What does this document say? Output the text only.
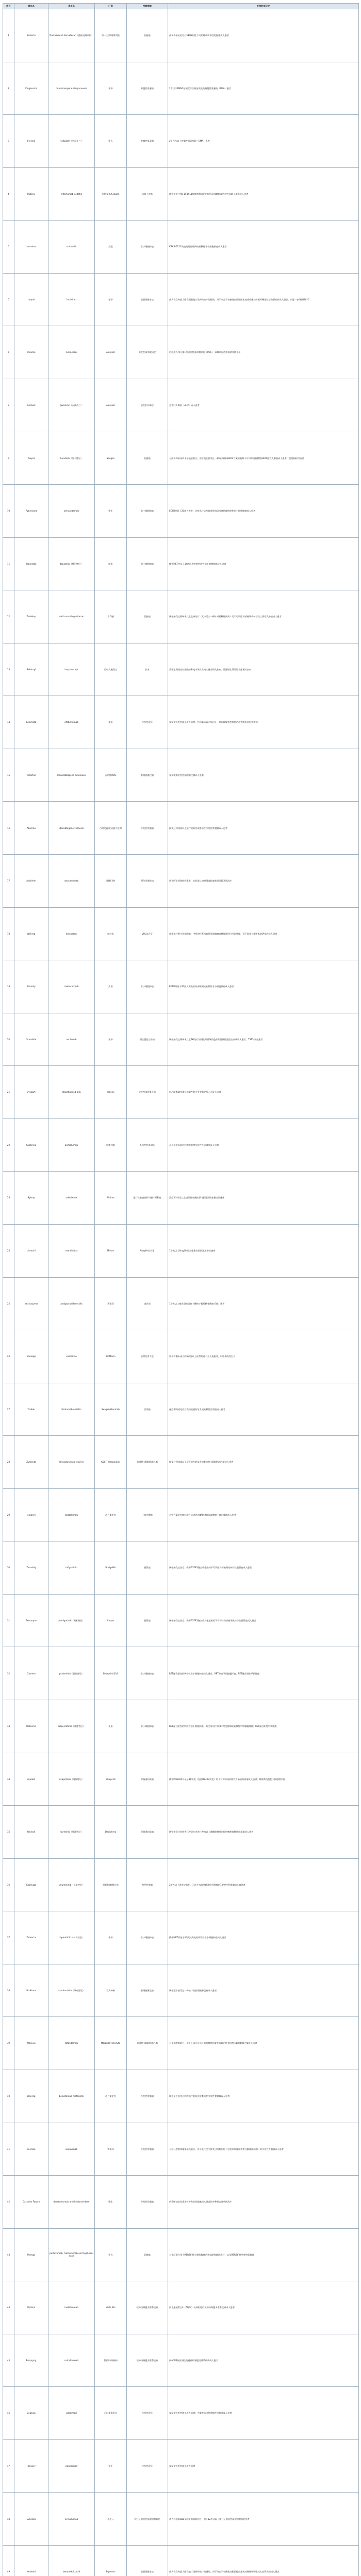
序号	商品名	通用名	厂商	疾病领域	批准的适应症
1	Enhertu	Trastuzumab deruxtecan（德曲妥珠单抗）	第一三共/阿斯利康	乳腺癌	曲妥珠单抗治疗后HER2阳性不可切除或转移性乳腺癌成人患者
2	Zolgensma	onasemnogene abeparvovec	诺华	脊髓性肌萎缩	2岁以下SMN1基因双等位基因突变的脊髓性肌萎缩（SMA）患者
3	Evrysdi	risdiplam（利司扑兰）	罗氏	脊髓性肌萎缩	2个月及以上脊髓性肌萎缩症（SMA）患者
4	Padcev	enfortumab vedotin	安斯泰来/Seagen	尿路上皮癌	既往接受过PD-1/PD-L1抑制剂和含铂化疗的局部晚期或转移性尿路上皮癌成人患者
5	Lumakras	sotorasib	安进	非小细胞肺癌	KRAS G12C突变的局部晚期或转移性非小细胞肺癌成人患者
6	Leqvio	inclisiran	诺华	高胆固醇血症	作为饮食和最大耐受剂量他汀类药物治疗的辅助，用于杂合子家族性高胆固醇血症或临床动脉粥样硬化性心血管疾病成人患者，以进一步降低LDL-C
7	Oxlumo	lumasiran	Alnylam	原发性高草酸尿症	治疗成人和儿童1型原发性高草酸尿症（PH1），以降低尿液和血浆草酸水平
8	Givlaari	givosiran（吉沃西兰）	Alnylam	急性肝卟啉症	急性肝卟啉症（AHP）成人患者
9	Tukysa	tucatinib（图卡替尼）	Seagen	乳腺癌	与曲妥珠单抗和卡培他滨联合，用于既往接受过一种或多种抗HER2方案的晚期不可切除或转移性HER2阳性乳腺癌成人患者，包括脑转移患者
10	Rybrevant	amivantamab	强生	非小细胞肺癌	EGFR外显子20插入突变、含铂化疗后疾病进展的局部晚期或转移性非小细胞肺癌成人患者
11	Tepmetko	tepotinib（特泊替尼）	默克	非小细胞肺癌	携带MET外显子14跳跃突变的转移性非小细胞肺癌成人患者
12	Trodelvy	sacituzumab govitecan	吉利德	乳腺癌	既往接受过两种或以上全身治疗（其中至少一种针对转移性疾病）的不可切除局部晚期或转移性三阴性乳腺癌成人患者
13	Reblozyl	luspatercept	百时美施贵宝	贫血	需要定期输注红细胞的β-地中海贫血成人患者相关贫血；骨髓增生异常综合征相关贫血
14	Kesimpta	ofatumumab	诺华	多发性硬化	复发型多发性硬化成人患者，包括临床孤立综合征、复发缓解型疾病和活动性继发进展型疾病
15	Tecartus	brexucabtagene autoleucel	吉利德/Kite	套细胞淋巴瘤	复发或难治性套细胞淋巴瘤成人患者
16	Abecma	idecabtagene vicleucel	百时美施贵宝/蓝鸟生物	多发性骨髓瘤	接受过四线或以上治疗的复发或难治性多发性骨髓瘤成人患者
17	Aduhelm	aducanumab	渤健/卫材	阿尔茨海默病	用于阿尔茨海默病患者，在轻度认知障碍或轻度痴呆阶段开始治疗
18	Welireg	belzutifan	默沙东	VHL综合征	需要治疗相关肾细胞癌、中枢神经系统血管母细胞瘤或胰腺神经内分泌肿瘤，但不需要立即手术的VHL病成人患者
19	Exkivity	mobocertinib	武田	非小细胞肺癌	EGFR外显子20插入突变的局部晚期或转移性非小细胞肺癌成人患者
20	Scemblix	asciminib	诺华	慢性髓性白血病	既往接受过两种或以上TKI治疗的慢性期费城染色体阳性慢性髓性白血病成人患者；T315I突变患者
21	Vyvgart	efgartigimod alfa	argenx	全身型重症肌无力	抗乙酰胆碱受体抗体阳性的全身型重症肌无力成人患者
22	Saphnelo	anifrolumab	阿斯利康	系统性红斑狼疮	正在接受标准治疗的中重度系统性红斑狼疮成人患者
23	Bylvay	odevixibat	Albireo	进行性家族性肝内胆汁淤积症	治疗3个月及以上进行性家族性肝内胆汁淤积症患者的瘙痒
24	Livmarli	maralixibat	Mirum	Alagille综合征	1岁及以上Alagille综合征患者的胆汁淤积性瘙痒
25	Nexviazyme	avalglucosidase alfa	赛诺菲	庞贝病	1岁及以上晚发型庞贝病（酸性α-葡萄糖苷酶缺乏症）患者
26	Voxzogo	vosoritide	BioMarin	软骨发育不全	用于骨骺未闭合的5岁及以上软骨发育不全儿童患者，以增加线性生长
27	Tivdak	tisotumab vedotin	Seagen/Genmab	宫颈癌	化疗期间或化疗后疾病进展的复发或转移性宫颈癌成人患者
28	Zynlonta	loncastuximab tesirine	ADC Therapeutics	弥漫性大B细胞淋巴瘤	接受过两线或以上全身治疗的复发或难治性大B细胞淋巴瘤成人患者
29	Jemperli	dostarlimab	葛兰素史克	子宫内膜癌	含铂方案治疗期间或之后进展的dMMR复发或晚期子宫内膜癌成人患者
30	Truseltiq	infigratinib	BridgeBio	胆管癌	既往接受过治疗、携带FGFR2融合或重排的不可切除局部晚期或转移性胆管癌成人患者
31	Pemazyre	pemigatinib（佩米替尼）	Incyte	胆管癌	既往接受过治疗、携带FGFR2融合或其他重排的不可切除局部晚期或转移性胆管癌成人患者
32	Gavreto	pralsetinib（普拉替尼）	Blueprint/罗氏	非小细胞肺癌	RET融合阳性的转移性非小细胞肺癌成人患者；RET突变甲状腺髓样癌；RET融合阳性甲状腺癌
33	Retevmo	selpercatinib（塞普替尼）	礼来	非小细胞肺癌	RET融合阳性的转移性非小细胞肺癌；需全身治疗的RET突变晚期或转移性甲状腺髓样癌；RET融合阳性甲状腺癌
34	Ayvakit	avapritinib（阿伐替尼）	Blueprint	胃肠道间质瘤	携带PDGFRA外显子18突变（包括D842V突变）的不可切除或转移性胃肠道间质瘤成人患者；晚期系统性肥大细胞增多症
35	Qinlock	ripretinib（瑞派替尼）	Deciphera	胃肠道间质瘤	既往接受过包括伊马替尼在内的三种或以上激酶抑制剂治疗的晚期胃肠道间质瘤成人患者
36	Koselugo	selumetinib（司美替尼）	阿斯利康/默沙东	神经纤维瘤	2岁及以上患有症状性、无法手术的丛状神经纤维瘤的1型神经纤维瘤病儿童患者
37	Tabrecta	capmatinib（卡马替尼）	诺华	非小细胞肺癌	携带MET外显子14跳跃突变的转移性非小细胞肺癌成人患者
38	Brukinsa	zanubrutinib（泽布替尼）	百济神州	套细胞淋巴瘤	既往至少接受过一种治疗的套细胞淋巴瘤成人患者
39	Monjuvi	tafasitamab	MorphoSys/Incyte	弥漫性大B细胞淋巴瘤	与来那度胺联合，用于不适合自体干细胞移植的复发或难治性弥漫性大B细胞淋巴瘤成人患者
40	Blenrep	belantamab mafodotin	葛兰素史克	多发性骨髓瘤	既往至少接受过四种治疗的复发或难治性多发性骨髓瘤成人患者
41	Sarclisa	isatuximab	赛诺菲	多发性骨髓瘤	与泊马度胺和地塞米松联合，用于既往至少接受过两种治疗（包括来那度胺和蛋白酶体抑制剂）的多发性骨髓瘤成人患者
42	Darzalex Faspro	daratumumab and hyaluronidase	强生	多发性骨髓瘤	新诊断或复发难治性多发性骨髓瘤成人患者的多种联合或单药治疗
43	Phesgo	pertuzumab, trastuzumab and hyaluronidase	罗氏	乳腺癌	与化疗联合用于HER2阳性早期乳腺癌的新辅助和辅助治疗，以及HER2阳性转移性乳腺癌
44	Uplizna	inebilizumab	Viela Bio	视神经脊髓炎谱系疾病	抗水通道蛋白4（AQP4）抗体阳性的视神经脊髓炎谱系疾病成人患者
45	Enspryng	satralizumab	罗氏/中外制药	视神经脊髓炎谱系疾病	抗AQP4抗体阳性的视神经脊髓炎谱系疾病成人患者
46	Zeposia	ozanimod	百时美施贵宝	多发性硬化	复发型多发性硬化成人患者；中重度活动性溃疡性结肠炎成人患者
47	Ponvory	ponesimod	强生	多发性硬化	复发型多发性硬化成人患者
48	Evkeeza	evinacumab	再生元	纯合子家族性高胆固醇血症	作为其他降LDL-C疗法的辅助治疗，用于12岁及以上纯合子家族性高胆固醇血症患者
49	Nexletol	bempedoic acid	Esperion	高胆固醇血症	作为饮食和最大耐受他汀类药物治疗的辅助，用于杂合子家族性高胆固醇血症或动脉粥样硬化性心血管疾病成人患者
